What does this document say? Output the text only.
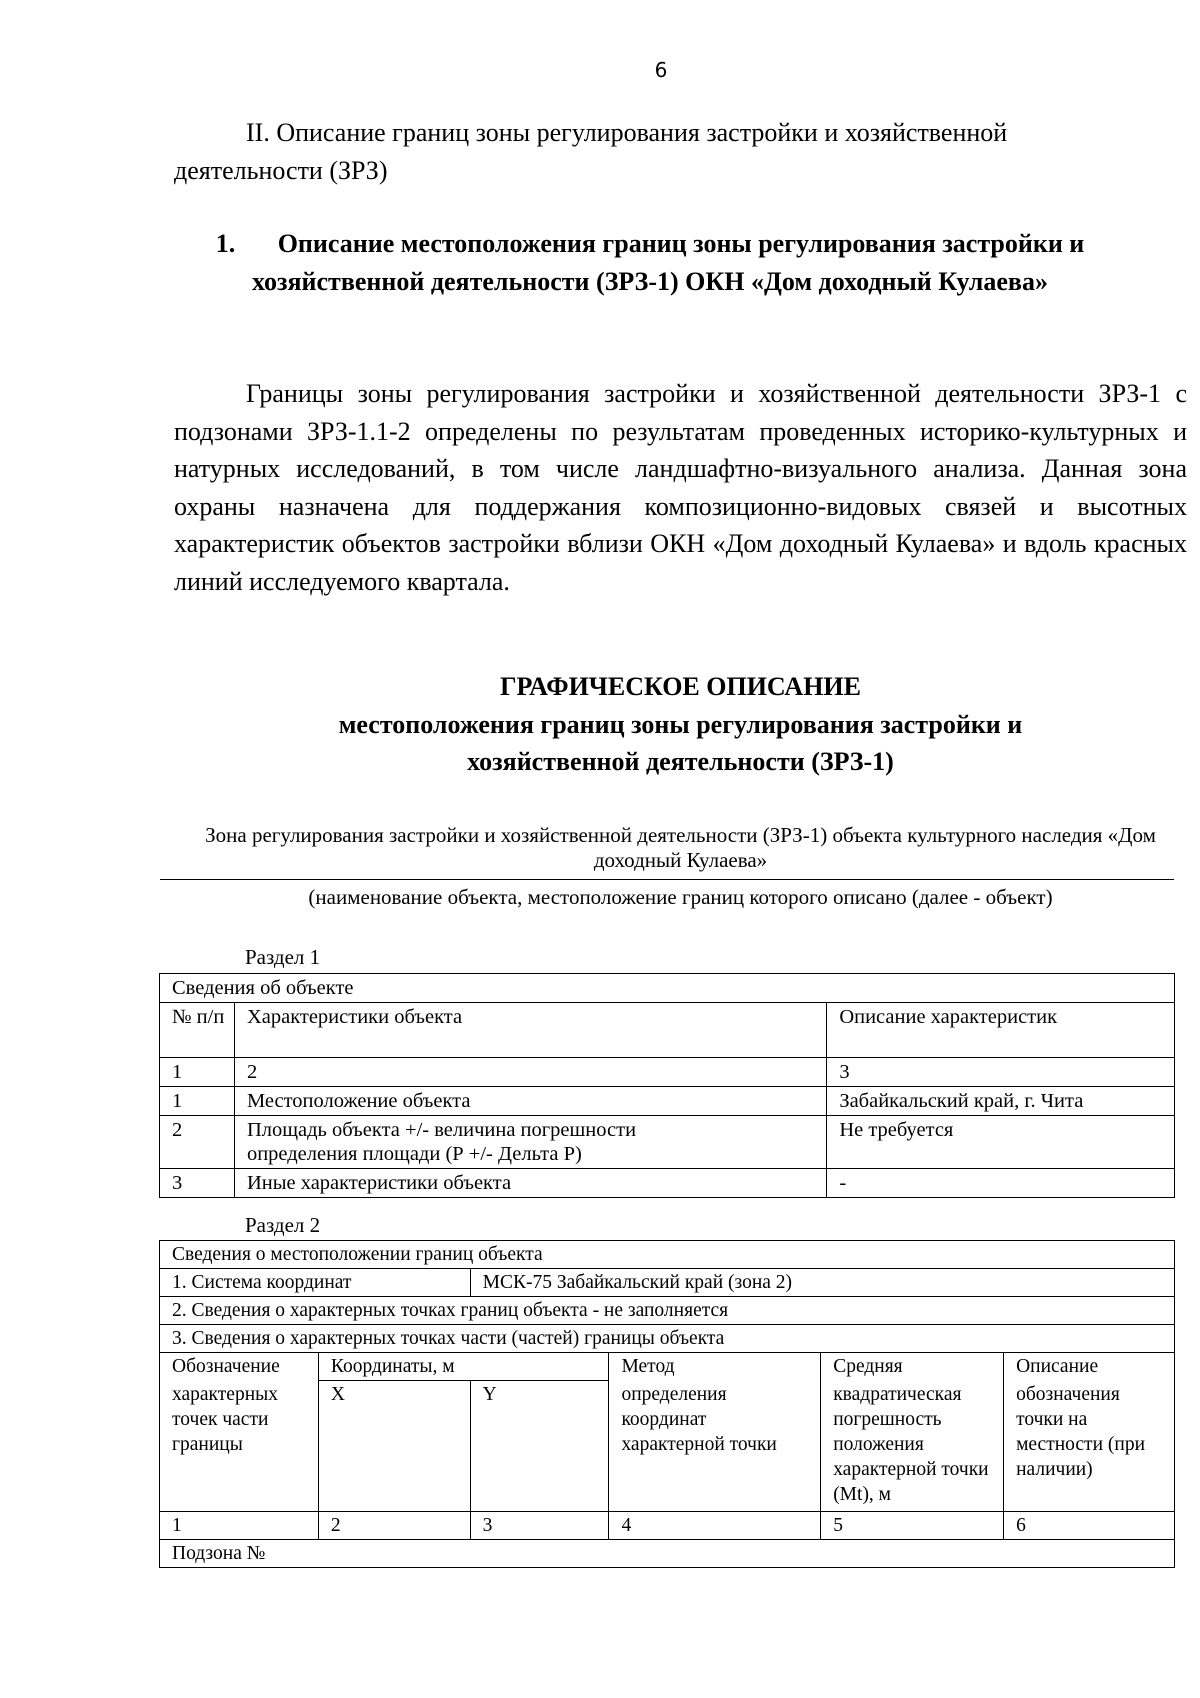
6

II. Описание границ зоны регулирования застройки и хозяйственной деятельности (ЗРЗ)

1. Описание местоположения границ зоны регулирования застройки и хозяйственной деятельности (ЗРЗ-1) ОКН «Дом доходный Кулаева»

Границы зоны регулирования застройки и хозяйственной деятельности ЗРЗ-1 с подзонами ЗРЗ-1.1-2 определены по результатам проведенных историко-культурных и натурных исследований, в том числе ландшафтно-визуального анализа. Данная зона охраны назначена для поддержания композиционно-видовых связей и высотных характеристик объектов застройки вблизи ОКН «Дом доходный Кулаева» и вдоль красных линий исследуемого квартала.

ГРАФИЧЕСКОЕ ОПИСАНИЕ
местоположения границ зоны регулирования застройки и хозяйственной деятельности (ЗРЗ-1)
Зона регулирования застройки и хозяйственной деятельности (ЗРЗ-1) объекта культурного наследия «Дом доходный Кулаева»
(наименование объекта, местоположение границ которого описано (далее - объект)
Раздел 1
Сведения об объекте		
№ п/п	Характеристики объекта	Описание характеристик
1	2	3
1	Местоположение объекта	Забайкальский край, г. Чита
2	Площадь объекта +/- величина погрешности определения площади (Р +/- Дельта Р)	Не требуется
3	Иные характеристики объекта	-
Раздел 2
Сведения о местоположении границ объекта					
1. Система координат		МСК-75 Забайкальский край (зона 2)			
2. Сведения о характерных точках границ объекта - не заполняется					
3. Сведения о характерных точках части (частей) границы объекта					
Обозначение	Координаты, м		Метод	Средняя	Описание
характерных точек части границы	X	Y	определения координат характерной точки	квадратическая погрешность положения характерной точки (Mt), м	обозначения точки на местности (при наличии)
1	2	3	4	5	6
Подзона №					
